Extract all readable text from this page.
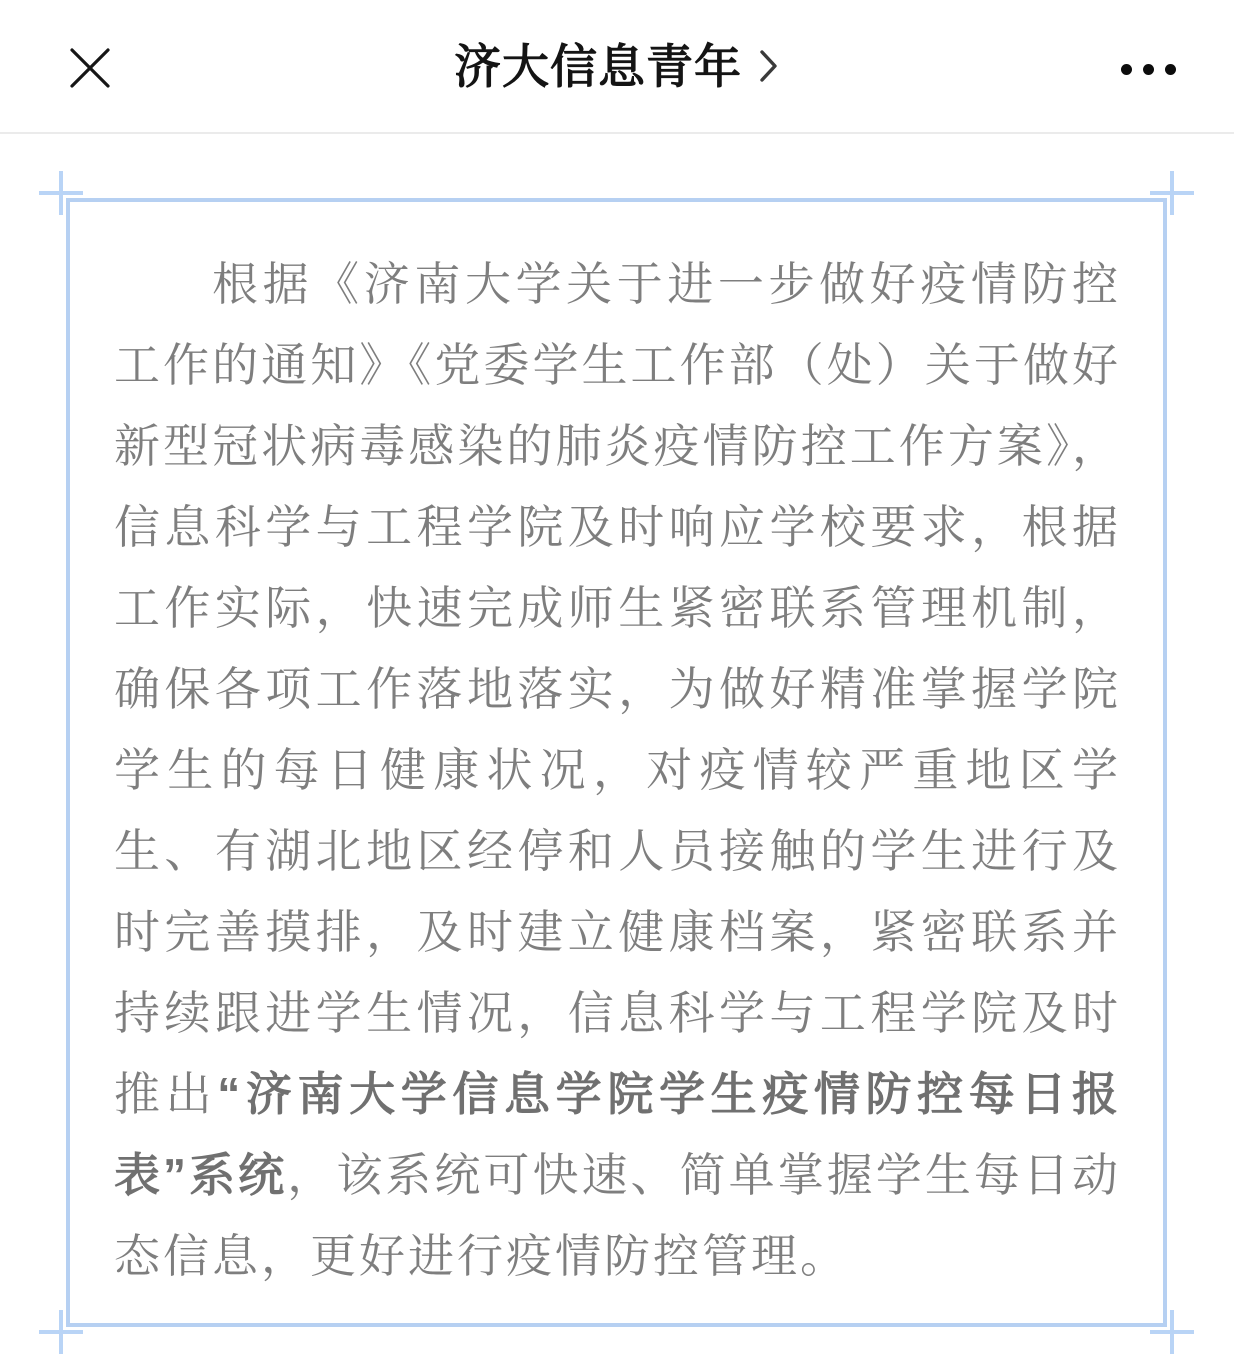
济大信息青年

根据《济南大学关于进一步做好疫情防控工作的通知》《党委学生工作部（处）关于做好新型冠状病毒感染的肺炎疫情防控工作方案》，信息科学与工程学院及时响应学校要求，根据工作实际，快速完成师生紧密联系管理机制，确保各项工作落地落实，为做好精准掌握学院学生的每日健康状况，对疫情较严重地区学生、有湖北地区经停和人员接触的学生进行及时完善摸排，及时建立健康档案，紧密联系并持续跟进学生情况，信息科学与工程学院及时推出“济南大学信息学院学生疫情防控每日报表”系统，该系统可快速、简单掌握学生每日动态信息，更好进行疫情防控管理。
